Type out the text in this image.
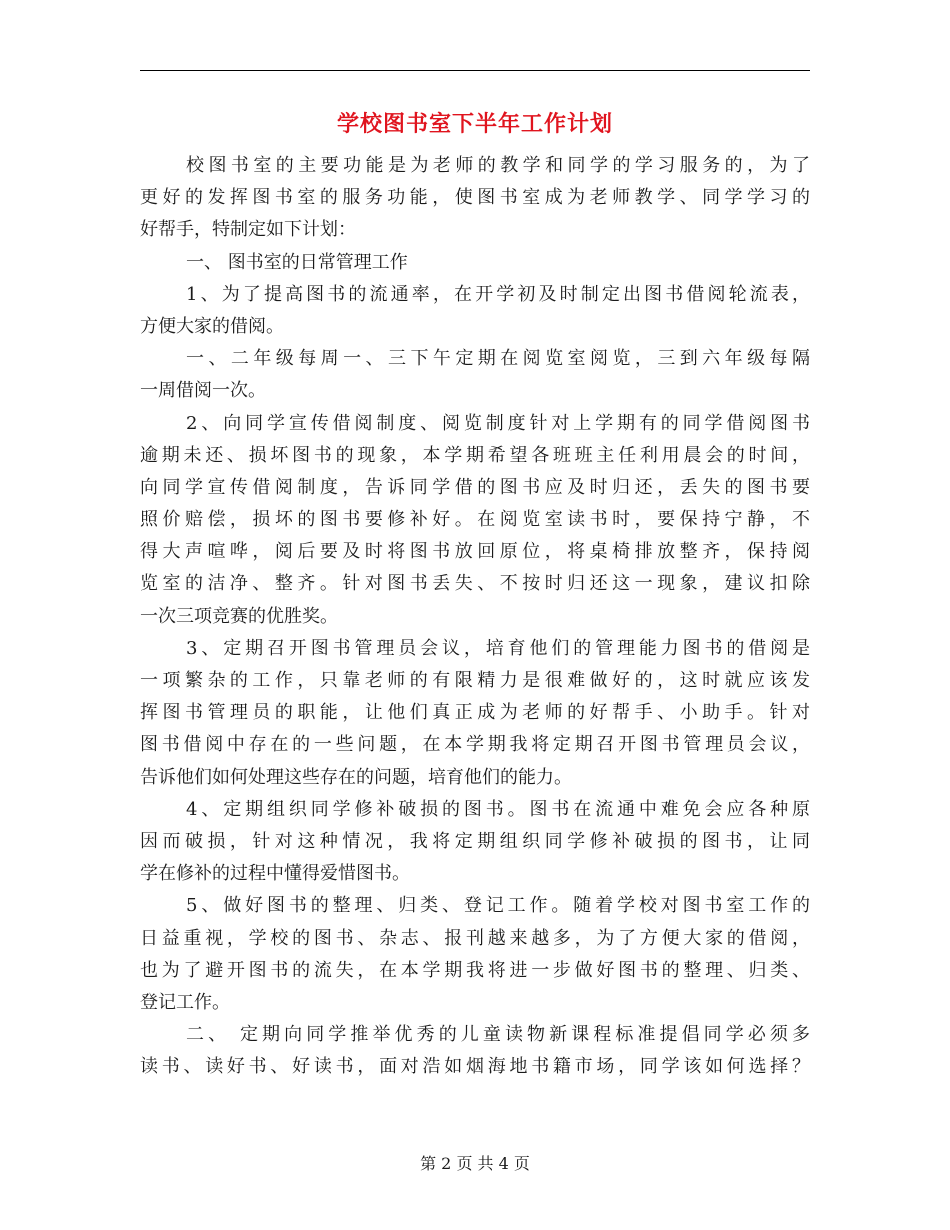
学校图书室下半年工作计划
校图书室的主要功能是为老师的教学和同学的学习服务的，为了
更好的发挥图书室的服务功能，使图书室成为老师教学、同学学习的
好帮手，特制定如下计划：
一、 图书室的日常管理工作
1、为了提高图书的流通率，在开学初及时制定出图书借阅轮流表，
方便大家的借阅。
一、二年级每周一、三下午定期在阅览室阅览，三到六年级每隔
一周借阅一次。
2、向同学宣传借阅制度、阅览制度针对上学期有的同学借阅图书
逾期未还、损坏图书的现象，本学期希望各班班主任利用晨会的时间，
向同学宣传借阅制度，告诉同学借的图书应及时归还，丢失的图书要
照价赔偿，损坏的图书要修补好。在阅览室读书时，要保持宁静，不
得大声喧哗，阅后要及时将图书放回原位，将桌椅排放整齐，保持阅
览室的洁净、整齐。针对图书丢失、不按时归还这一现象，建议扣除
一次三项竞赛的优胜奖。
3、定期召开图书管理员会议，培育他们的管理能力图书的借阅是
一项繁杂的工作，只靠老师的有限精力是很难做好的，这时就应该发
挥图书管理员的职能，让他们真正成为老师的好帮手、小助手。针对
图书借阅中存在的一些问题，在本学期我将定期召开图书管理员会议，
告诉他们如何处理这些存在的问题，培育他们的能力。
4、定期组织同学修补破损的图书。图书在流通中难免会应各种原
因而破损，针对这种情况，我将定期组织同学修补破损的图书，让同
学在修补的过程中懂得爱惜图书。
5、做好图书的整理、归类、登记工作。随着学校对图书室工作的
日益重视，学校的图书、杂志、报刊越来越多，为了方便大家的借阅，
也为了避开图书的流失，在本学期我将进一步做好图书的整理、归类、
登记工作。
二、 定期向同学推举优秀的儿童读物新课程标准提倡同学必须多
读书、读好书、好读书，面对浩如烟海地书籍市场，同学该如何选择？
第 2 页 共 4 页
